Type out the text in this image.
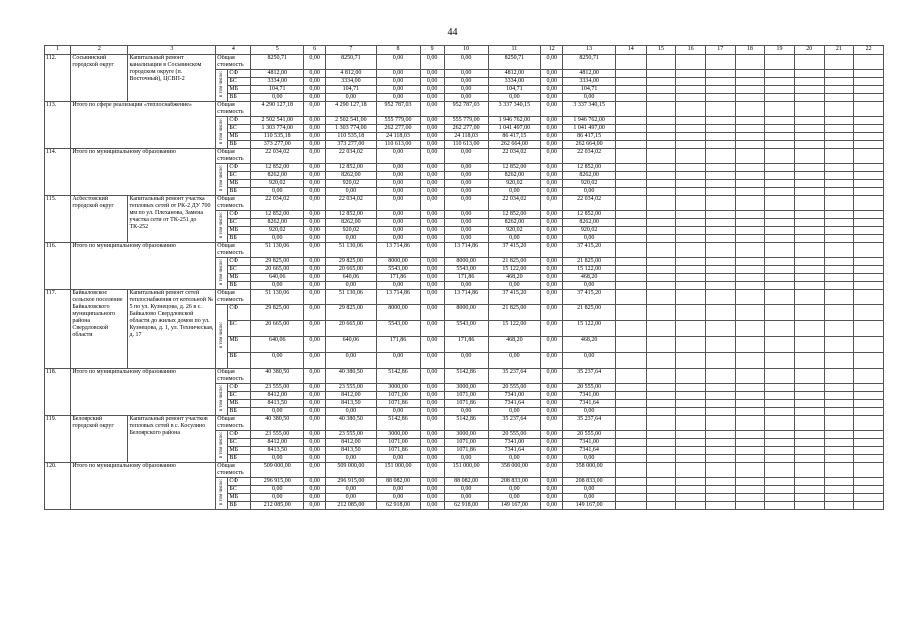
44
1	2	3	4		5	6	7	8	9	10	11	12	13	14	15	16	17	18	19	20	21	22
112.	Сосьвинский городской округ	Капитальный ремонт канализации в Сосьвинском городском округе (п. Восточный), ЦСВП-2	Общая стоимость		8250,71	0,00	8250,71	0,00	0,00	0,00	8250,71	0,00	8250,71									
			в том числе:	СФ	4812,00	0,00	4 812,00	0,00	0,00	0,00	4812,00	0,00	4812,00									
				БС	3334,00	0,00	3334,00	0,00	0,00	0,00	3334,00	0,00	3334,00									
				МБ	104,71	0,00	104,71	0,00	0,00	0,00	104,71	0,00	104,71									
				ВБ	0,00	0,00	0,00	0,00	0,00	0,00	0,00	0,00	0,00									
113.	Итого по сфере реализации «теплоснабжение»		Общая стоимость		4 290 127,18	0,00	4 290 127,18	952 787,03	0,00	952 787,03	3 337 340,15	0,00	3 337 340,15									
			в том числе:	СФ	2 502 541,00	0,00	2 502 541,00	555 779,00	0,00	555 779,00	1 946 762,00	0,00	1 946 762,00									
				БС	1 303 774,00	0,00	1 303 774,00	262 277,00	0,00	262 277,00	1 041 497,00	0,00	1 041 497,00									
				МБ	110 535,18	0,00	110 535,18	24 118,03	0,00	24 118,03	86 417,15	0,00	86 417,15									
				ВБ	373 277,00	0,00	373 277,00	110 613,00	0,00	110 613,00	262 664,00	0,00	262 664,00									
114.	Итого по муниципальному образованию		Общая стоимость		22 034,02	0,00	22 034,02	0,00	0,00	0,00	22 034,02	0,00	22 034,02									
			в том числе:	СФ	12 852,00	0,00	12 852,00	0,00	0,00	0,00	12 852,00	0,00	12 852,00									
				БС	8262,00	0,00	8262,00	0,00	0,00	0,00	8262,00	0,00	8262,00									
				МБ	920,02	0,00	920,02	0,00	0,00	0,00	920,02	0,00	920,02									
				ВБ	0,00	0,00	0,00	0,00	0,00	0,00	0,00	0,00	0,00									
115.	Асбестовский городской округ	Капитальный ремонт участка тепловых сетей от РК-2 ДУ 700 мм по ул. Плеханова, Замена участка сети от ТК-251 до ТК-252	Общая стоимость		22 034,02	0,00	22 034,02	0,00	0,00	0,00	22 034,02	0,00	22 034,02									
			в том числе:	СФ	12 852,00	0,00	12 852,00	0,00	0,00	0,00	12 852,00	0,00	12 852,00									
				БС	8262,00	0,00	8262,00	0,00	0,00	0,00	8262,00	0,00	8262,00									
				МБ	920,02	0,00	920,02	0,00	0,00	0,00	920,02	0,00	920,02									
				ВБ	0,00	0,00	0,00	0,00	0,00	0,00	0,00	0,00	0,00									
116.	Итого по муниципальному образованию		Общая стоимость		51 130,06	0,00	51 130,06	13 714,86	0,00	13 714,86	37 415,20	0,00	37 415,20									
			в том числе:	СФ	29 825,00	0,00	29 825,00	8000,00	0,00	8000,00	21 825,00	0,00	21 825,00									
				БС	20 665,00	0,00	20 665,00	5543,00	0,00	5543,00	15 122,00	0,00	15 122,00									
				МБ	640,06	0,00	640,06	171,86	0,00	171,86	468,20	0,00	468,20									
				ВБ	0,00	0,00	0,00	0,00	0,00	0,00	0,00	0,00	0,00									
117.	Байкаловское сельское поселение Байкаловского муниципального района Свердловской области	Капитальный ремонт сетей теплоснабжения от котельной № 5 по ул. Кузнецова, д. 26 в с. Байкалово Свердловской области до жилых домов по ул. Кузнецова, д. 1, ул. Техническая, д. 17	Общая стоимость		51 130,06	0,00	51 130,06	13 714,86	0,00	13 714,86	37 415,20	0,00	37 415,20									
			в том числе:	СФ	29 825,00	0,00	29 825,00	8000,00	0,00	8000,00	21 825,00	0,00	21 825,00									
				БС	20 665,00	0,00	20 665,00	5543,00	0,00	5543,00	15 122,00	0,00	15 122,00									
				МБ	640,06	0,00	640,06	171,86	0,00	171,86	468,20	0,00	468,20									
				ВБ	0,00	0,00	0,00	0,00	0,00	0,00	0,00	0,00	0,00									
118.	Итого по муниципальному образованию		Общая стоимость		40 380,50	0,00	40 380,50	5142,86	0,00	5142,86	35 237,64	0,00	35 237,64									
			в том числе:	СФ	23 555,00	0,00	23 555,00	3000,00	0,00	3000,00	20 555,00	0,00	20 555,00									
				БС	8412,00	0,00	8412,00	1071,00	0,00	1071,00	7341,00	0,00	7341,00									
				МБ	8413,50	0,00	8413,50	1071,86	0,00	1071,86	7341,64	0,00	7341,64									
				ВБ	0,00	0,00	0,00	0,00	0,00	0,00	0,00	0,00	0,00									
119.	Белоярский городской округ	Капитальный ремонт участков тепловых сетей в с. Косулино Белоярского района	Общая стоимость		40 380,50	0,00	40 380,50	5142,86	0,00	5142,86	35 237,64	0,00	35 237,64									
			в том числе:	СФ	23 555,00	0,00	23 555,00	3000,00	0,00	3000,00	20 555,00	0,00	20 555,00									
				БС	8412,00	0,00	8412,00	1071,00	0,00	1071,00	7341,00	0,00	7341,00									
				МБ	8413,50	0,00	8413,50	1071,86	0,00	1071,86	7341,64	0,00	7341,64									
				ВБ	0,00	0,00	0,00	0,00	0,00	0,00	0,00	0,00	0,00									
120.	Итого по муниципальному образованию		Общая стоимость		509 000,00	0,00	509 000,00	151 000,00	0,00	151 000,00	358 000,00	0,00	358 000,00									
			в том числе:	СФ	296 915,00	0,00	296 915,00	88 082,00	0,00	88 082,00	208 833,00	0,00	208 833,00									
				БС	0,00	0,00	0,00	0,00	0,00	0,00	0,00	0,00	0,00									
				МБ	0,00	0,00	0,00	0,00	0,00	0,00	0,00	0,00	0,00									
				ВБ	212 085,00	0,00	212 085,00	62 918,00	0,00	62 918,00	149 167,00	0,00	149 167,00									
